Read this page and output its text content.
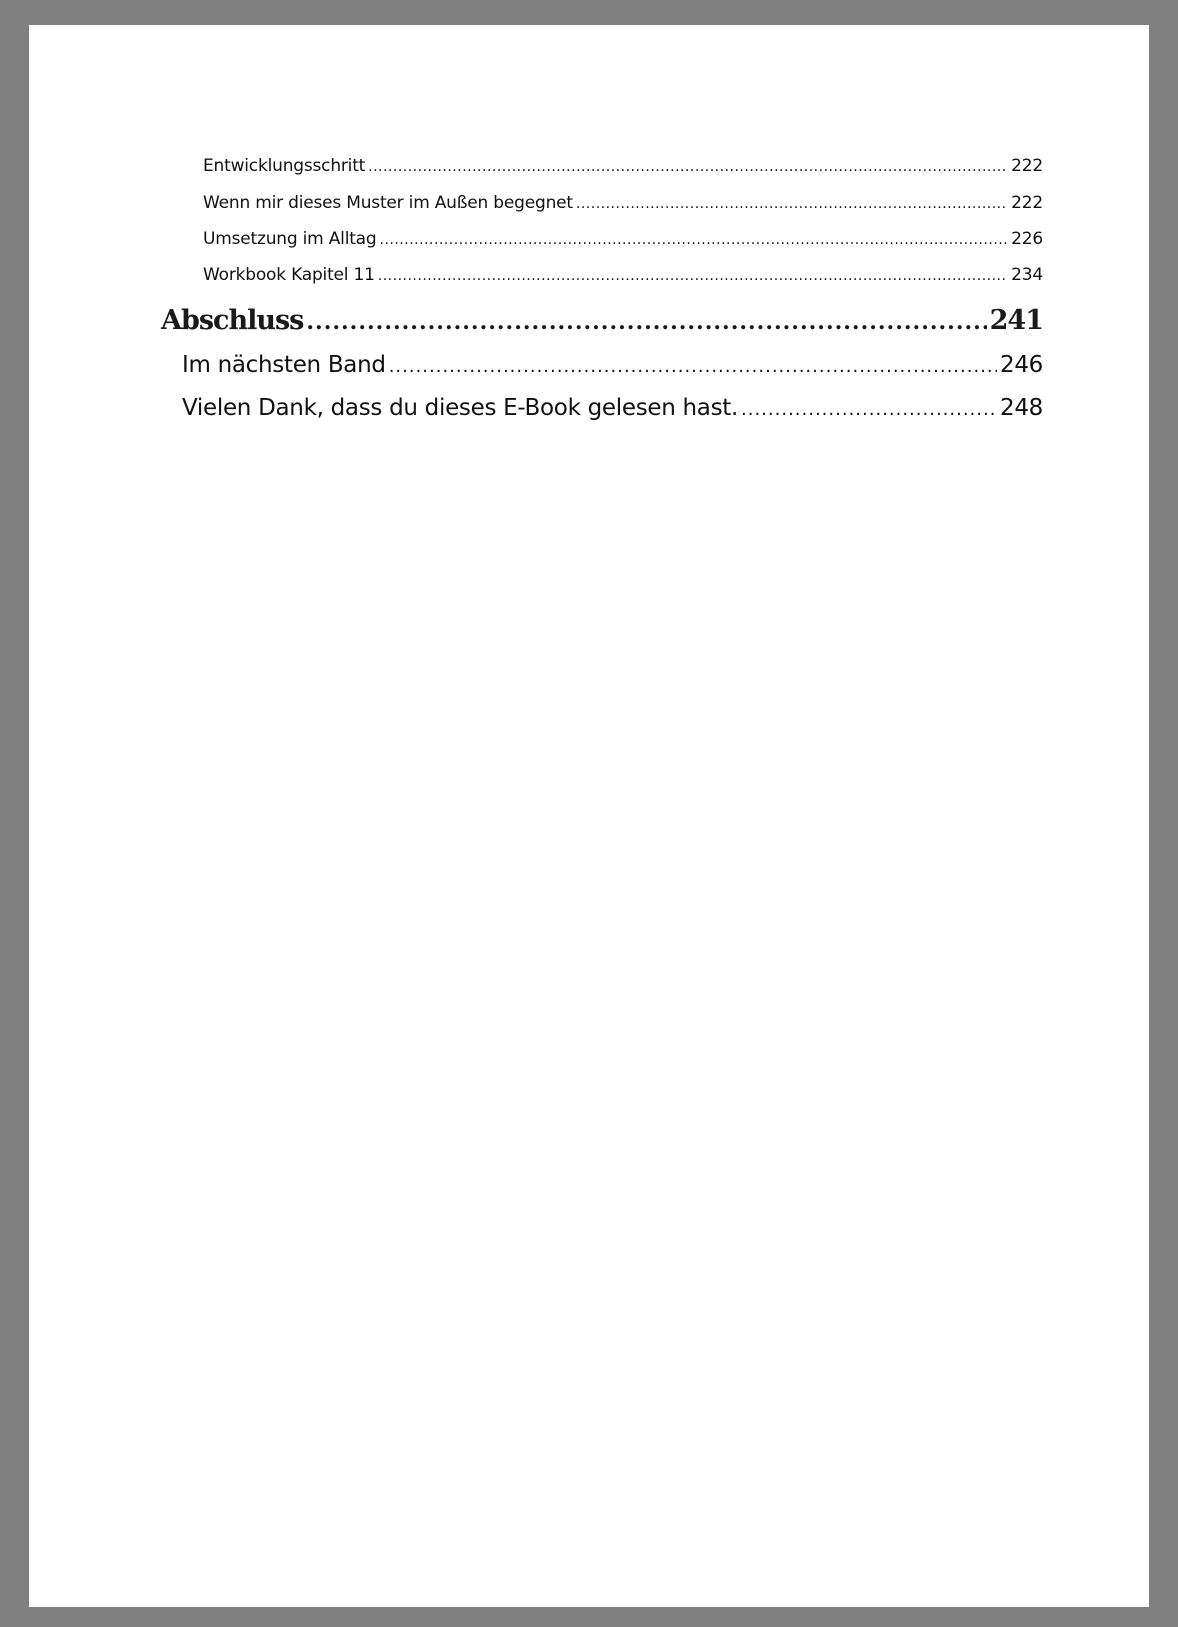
Entwicklungsschritt .....	222
Wenn mir dieses Muster im Außen begegnet .....	222
Umsetzung im Alltag .....	226
Workbook Kapitel 11 .....	234
Abschluss .....	241
Im nächsten Band .....	246
Vielen Dank, dass du dieses E-Book gelesen hast. .....	248
